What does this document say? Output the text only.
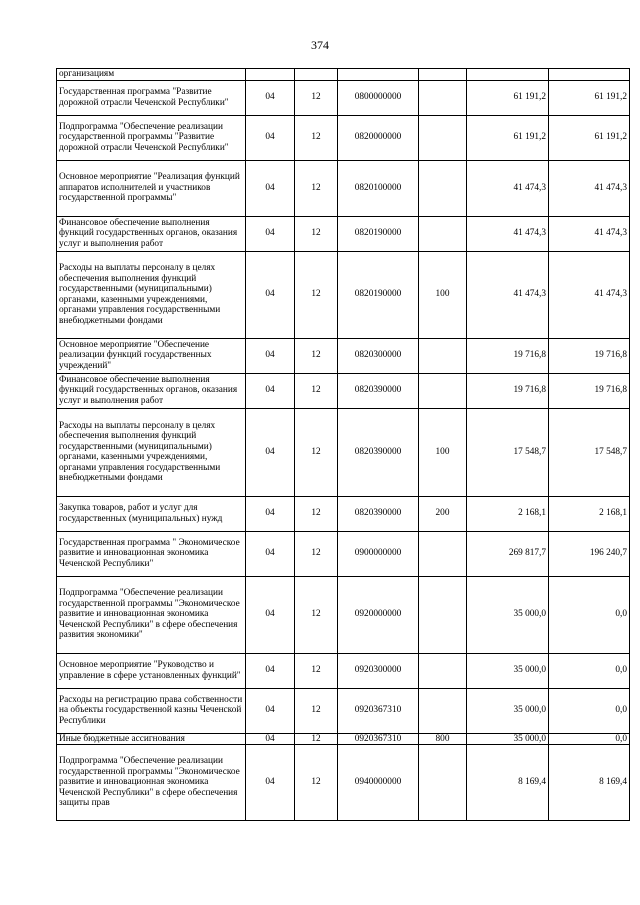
374
организациям						
Государственная программа "Развитие дорожной отрасли Чеченской Республики"	04	12	0800000000		61 191,2	61 191,2
Подпрограмма "Обеспечение реализации государственной программы "Развитие дорожной отрасли Чеченской Республики"	04	12	0820000000		61 191,2	61 191,2
Основное мероприятие "Реализация функций аппаратов исполнителей и участников государственной программы"	04	12	0820100000		41 474,3	41 474,3
Финансовое обеспечение выполнения функций государственных органов, оказания услуг и выполнения работ	04	12	0820190000		41 474,3	41 474,3
Расходы на выплаты персоналу в целях обеспечения выполнения функций государственными (муниципальными) органами, казенными учреждениями, органами управления государственными внебюджетными фондами	04	12	0820190000	100	41 474,3	41 474,3
Основное мероприятие "Обеспечение реализации функций государственных учреждений"	04	12	0820300000		19 716,8	19 716,8
Финансовое обеспечение выполнения функций государственных органов, оказания услуг и выполнения работ	04	12	0820390000		19 716,8	19 716,8
Расходы на выплаты персоналу в целях обеспечения выполнения функций государственными (муниципальными) органами, казенными учреждениями, органами управления государственными внебюджетными фондами	04	12	0820390000	100	17 548,7	17 548,7
Закупка товаров, работ и услуг для государственных (муниципальных) нужд	04	12	0820390000	200	2 168,1	2 168,1
Государственная программа " Экономическое развитие и инновационная экономика Чеченской Республики"	04	12	0900000000		269 817,7	196 240,7
Подпрограмма "Обеспечение реализации государственной программы "Экономическое развитие и инновационная экономика Чеченской Республики" в сфере обеспечения развития экономики"	04	12	0920000000		35 000,0	0,0
Основное мероприятие "Руководство и управление в сфере установленных функций"	04	12	0920300000		35 000,0	0,0
Расходы на регистрацию права собственности на объекты государственной казны Чеченской Республики	04	12	0920367310		35 000,0	0,0
Иные бюджетные ассигнования	04	12	0920367310	800	35 000,0	0,0
Подпрограмма "Обеспечение реализации государственной программы "Экономическое развитие и инновационная экономика Чеченской Республики" в сфере обеспечения защиты прав	04	12	0940000000		8 169,4	8 169,4
